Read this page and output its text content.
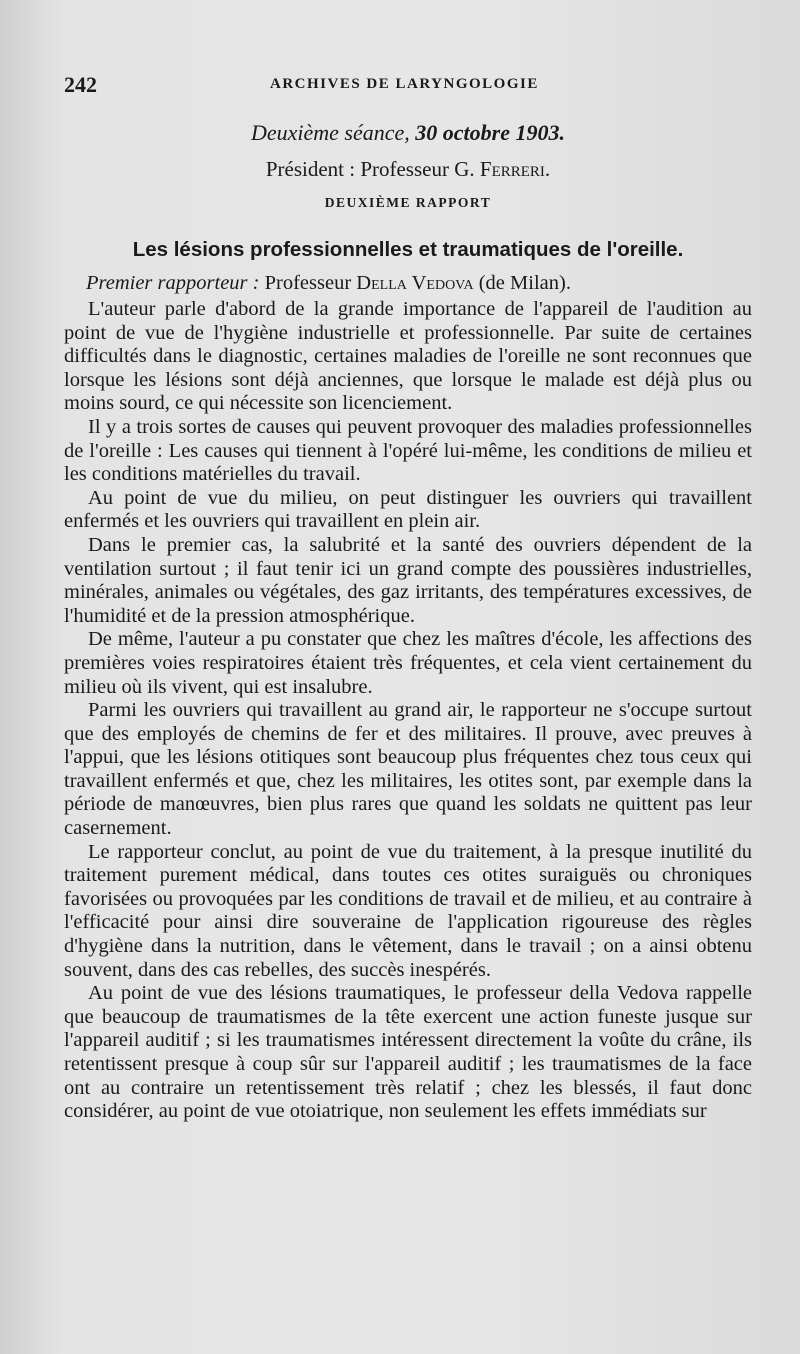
242	ARCHIVES DE LARYNGOLOGIE
Deuxième séance, 30 octobre 1903.
Président : Professeur G. Ferreri.
DEUXIÈME RAPPORT
Les lésions professionnelles et traumatiques de l'oreille.
Premier rapporteur : Professeur Della Vedova (de Milan).

L'auteur parle d'abord de la grande importance de l'appareil de l'audition au point de vue de l'hygiène industrielle et professionnelle. Par suite de certaines difficultés dans le diagnostic, certaines maladies de l'oreille ne sont reconnues que lorsque les lésions sont déjà anciennes, que lorsque le malade est déjà plus ou moins sourd, ce qui nécessite son licenciement.

Il y a trois sortes de causes qui peuvent provoquer des maladies professionnelles de l'oreille : Les causes qui tiennent à l'opéré lui-même, les conditions de milieu et les conditions matérielles du travail.

Au point de vue du milieu, on peut distinguer les ouvriers qui travaillent enfermés et les ouvriers qui travaillent en plein air.

Dans le premier cas, la salubrité et la santé des ouvriers dépendent de la ventilation surtout ; il faut tenir ici un grand compte des poussières industrielles, minérales, animales ou végétales, des gaz irritants, des températures excessives, de l'humidité et de la pression atmosphérique.

De même, l'auteur a pu constater que chez les maîtres d'école, les affections des premières voies respiratoires étaient très fréquentes, et cela vient certainement du milieu où ils vivent, qui est insalubre.

Parmi les ouvriers qui travaillent au grand air, le rapporteur ne s'occupe surtout que des employés de chemins de fer et des militaires. Il prouve, avec preuves à l'appui, que les lésions otitiques sont beaucoup plus fréquentes chez tous ceux qui travaillent enfermés et que, chez les militaires, les otites sont, par exemple dans la période de manœuvres, bien plus rares que quand les soldats ne quittent pas leur casernement.

Le rapporteur conclut, au point de vue du traitement, à la presque inutilité du traitement purement médical, dans toutes ces otites suraiguës ou chroniques favorisées ou provoquées par les conditions de travail et de milieu, et au contraire à l'efficacité pour ainsi dire souveraine de l'application rigoureuse des règles d'hygiène dans la nutrition, dans le vêtement, dans le travail ; on a ainsi obtenu souvent, dans des cas rebelles, des succès inespérés.

Au point de vue des lésions traumatiques, le professeur della Vedova rappelle que beaucoup de traumatismes de la tête exercent une action funeste jusque sur l'appareil auditif ; si les traumatismes intéressent directement la voûte du crâne, ils retentissent presque à coup sûr sur l'appareil auditif ; les traumatismes de la face ont au contraire un retentissement très relatif ; chez les blessés, il faut donc considérer, au point de vue otoiatrique, non seulement les effets immédiats sur
